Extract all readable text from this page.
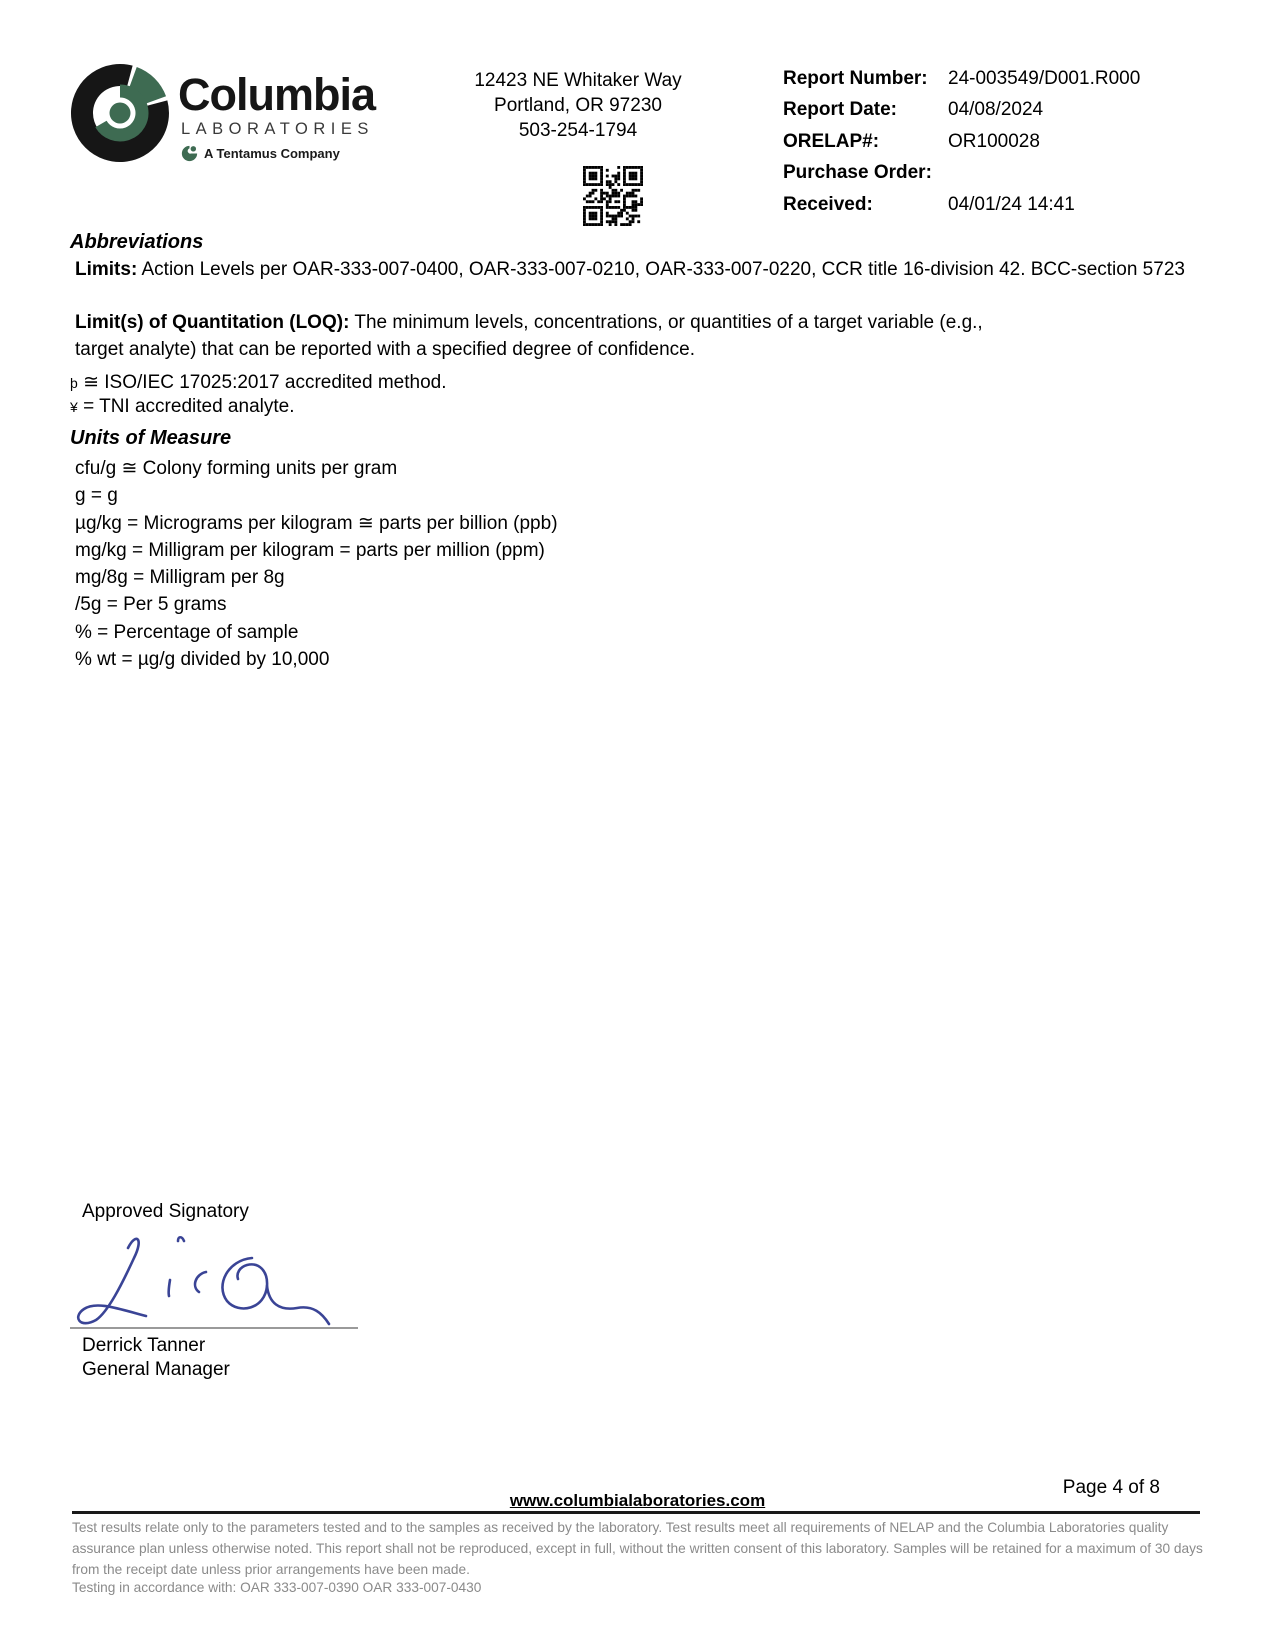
Columbia
LABORATORIES
A Tentamus Company
12423 NE Whitaker Way
Portland, OR 97230
503-254-1794
Report Number:	24-003549/D001.R000
Report Date:	04/08/2024
ORELAP#:	OR100028
Purchase Order:
Received:	04/01/24 14:41
Abbreviations
Limits: Action Levels per OAR-333-007-0400, OAR-333-007-0210, OAR-333-007-0220, CCR title 16-division 42. BCC-section 5723
Limit(s) of Quantitation (LOQ): The minimum levels, concentrations, or quantities of a target variable (e.g., target analyte) that can be reported with a specified degree of confidence.
þ ≅ ISO/IEC 17025:2017 accredited method.
¥ = TNI accredited analyte.
Units of Measure
cfu/g ≅ Colony forming units per gram
g = g
µg/kg = Micrograms per kilogram ≅ parts per billion (ppb)
mg/kg = Milligram per kilogram = parts per million (ppm)
mg/8g = Milligram per 8g
/5g = Per 5 grams
% = Percentage of sample
% wt = µg/g divided by 10,000
Approved Signatory
Derrick Tanner
General Manager
Page 4 of 8
www.columbialaboratories.com
Test results relate only to the parameters tested and to the samples as received by the laboratory. Test results meet all requirements of NELAP and the Columbia Laboratories quality assurance plan unless otherwise noted. This report shall not be reproduced, except in full, without the written consent of this laboratory. Samples will be retained for a maximum of 30 days from the receipt date unless prior arrangements have been made.
Testing in accordance with: OAR 333-007-0390 OAR 333-007-0430
